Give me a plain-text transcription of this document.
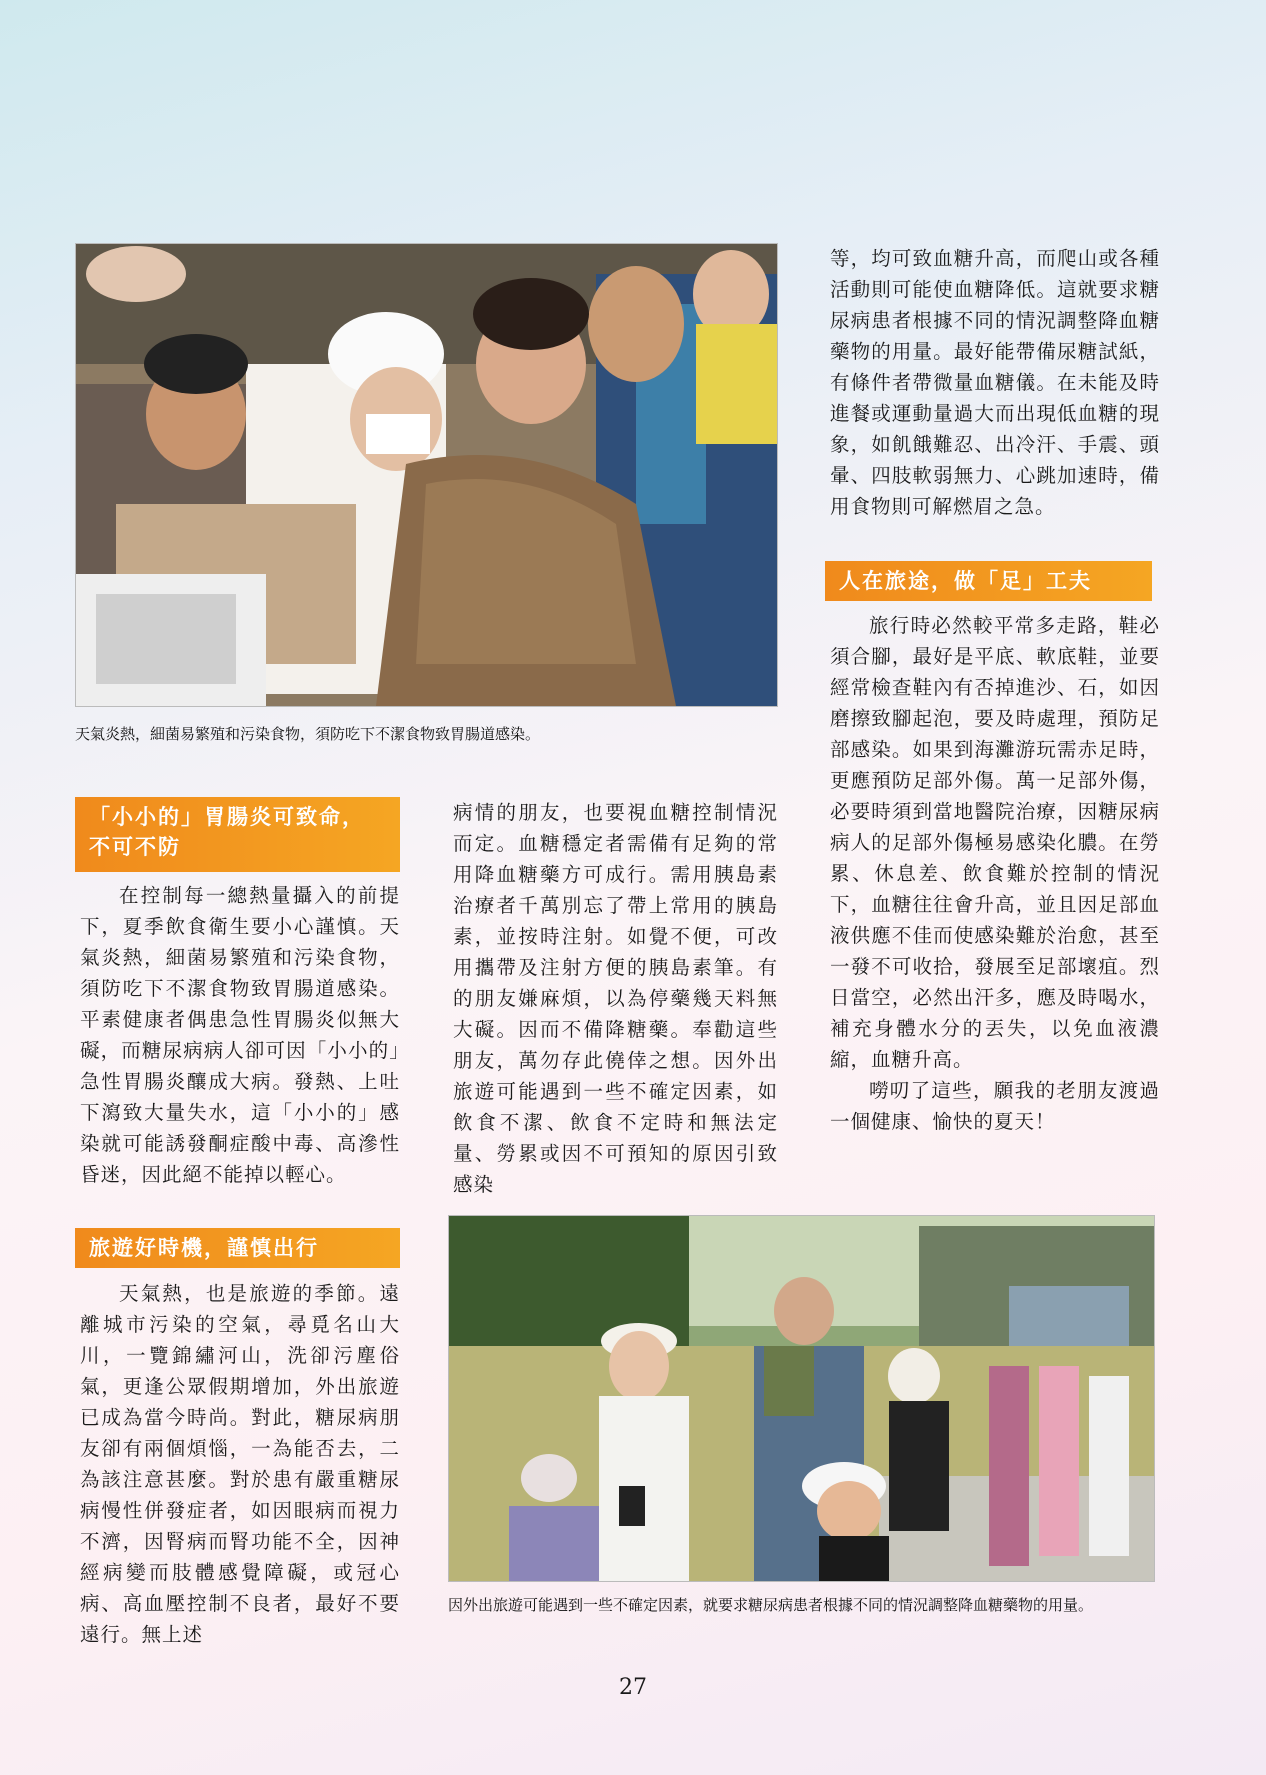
天氣炎熱，細菌易繁殖和污染食物，須防吃下不潔食物致胃腸道感染。

等，均可致血糖升高，而爬山或各種活動則可能使血糖降低。這就要求糖尿病患者根據不同的情況調整降血糖藥物的用量。最好能帶備尿糖試紙，有條件者帶微量血糖儀。在未能及時進餐或運動量過大而出現低血糖的現象，如飢餓難忍、出冷汗、手震、頭暈、四肢軟弱無力、心跳加速時，備用食物則可解燃眉之急。

人在旅途，做「足」工夫

旅行時必然較平常多走路，鞋必須合腳，最好是平底、軟底鞋，並要經常檢查鞋內有否掉進沙、石，如因磨擦致腳起泡，要及時處理，預防足部感染。如果到海灘游玩需赤足時，更應預防足部外傷。萬一足部外傷，必要時須到當地醫院治療，因糖尿病病人的足部外傷極易感染化膿。在勞累、休息差、飲食難於控制的情況下，血糖往往會升高，並且因足部血液供應不佳而使感染難於治愈，甚至一發不可收拾，發展至足部壞疽。烈日當空，必然出汗多，應及時喝水，補充身體水分的丟失，以免血液濃縮，血糖升高。

嘮叨了這些，願我的老朋友渡過一個健康、愉快的夏天！

「小小的」胃腸炎可致命，不可不防

在控制每一總熱量攝入的前提下，夏季飲食衛生要小心謹慎。天氣炎熱，細菌易繁殖和污染食物，須防吃下不潔食物致胃腸道感染。平素健康者偶患急性胃腸炎似無大礙，而糖尿病病人卻可因「小小的」急性胃腸炎釀成大病。發熱、上吐下瀉致大量失水，這「小小的」感染就可能誘發酮症酸中毒、高滲性昏迷，因此絕不能掉以輕心。

旅遊好時機，謹慎出行

天氣熱，也是旅遊的季節。遠離城市污染的空氣，尋覓名山大川，一覽錦繡河山，洗卻污塵俗氣，更逢公眾假期增加，外出旅遊已成為當今時尚。對此，糖尿病朋友卻有兩個煩惱，一為能否去，二為該注意甚麼。對於患有嚴重糖尿病慢性併發症者，如因眼病而視力不濟，因腎病而腎功能不全，因神經病變而肢體感覺障礙，或冠心病、高血壓控制不良者，最好不要遠行。無上述

病情的朋友，也要視血糖控制情況而定。血糖穩定者需備有足夠的常用降血糖藥方可成行。需用胰島素治療者千萬別忘了帶上常用的胰島素，並按時注射。如覺不便，可改用攜帶及注射方便的胰島素筆。有的朋友嫌麻煩，以為停藥幾天料無大礙。因而不備降糖藥。奉勸這些朋友，萬勿存此僥倖之想。因外出旅遊可能遇到一些不確定因素，如飲食不潔、飲食不定時和無法定量、勞累或因不可預知的原因引致感染

因外出旅遊可能遇到一些不確定因素，就要求糖尿病患者根據不同的情況調整降血糖藥物的用量。
27
